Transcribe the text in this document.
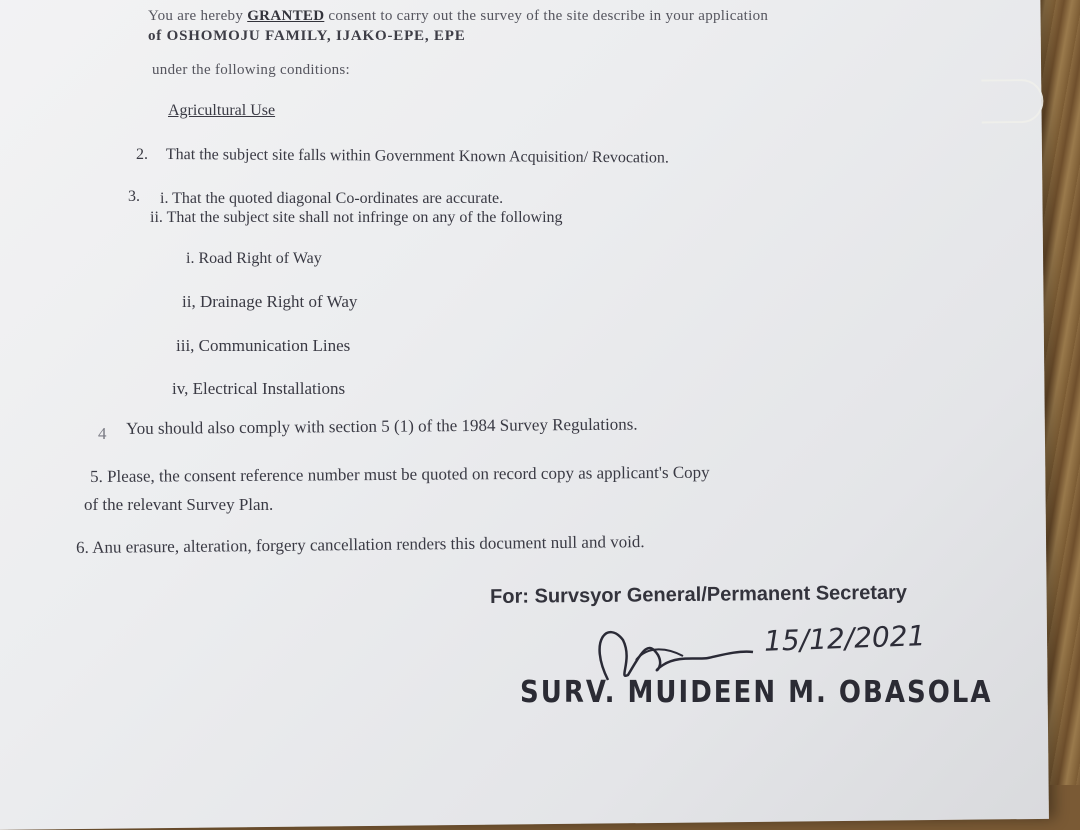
You are hereby GRANTED consent to carry out the survey of the site describe in your application
of OSHOMOJU FAMILY, IJAKO-EPE, EPE
under the following conditions:
Agricultural Use
2. That the subject site falls within Government Known Acquisition/ Revocation.
3. i. That the quoted diagonal Co-ordinates are accurate.
ii. That the subject site shall not infringe on any of the following
i. Road Right of Way
ii, Drainage Right of Way
iii, Communication Lines
iv, Electrical Installations
4 You should also comply with section 5 (1) of the 1984 Survey Regulations.
5. Please, the consent reference number must be quoted on record copy as applicant's Copy
of the relevant Survey Plan.
6. Anu erasure, alteration, forgery cancellation renders this document null and void.
For: Survsyor General/Permanent Secretary
15/12/2021
SURV. MUIDEEN M. OBASOLA
